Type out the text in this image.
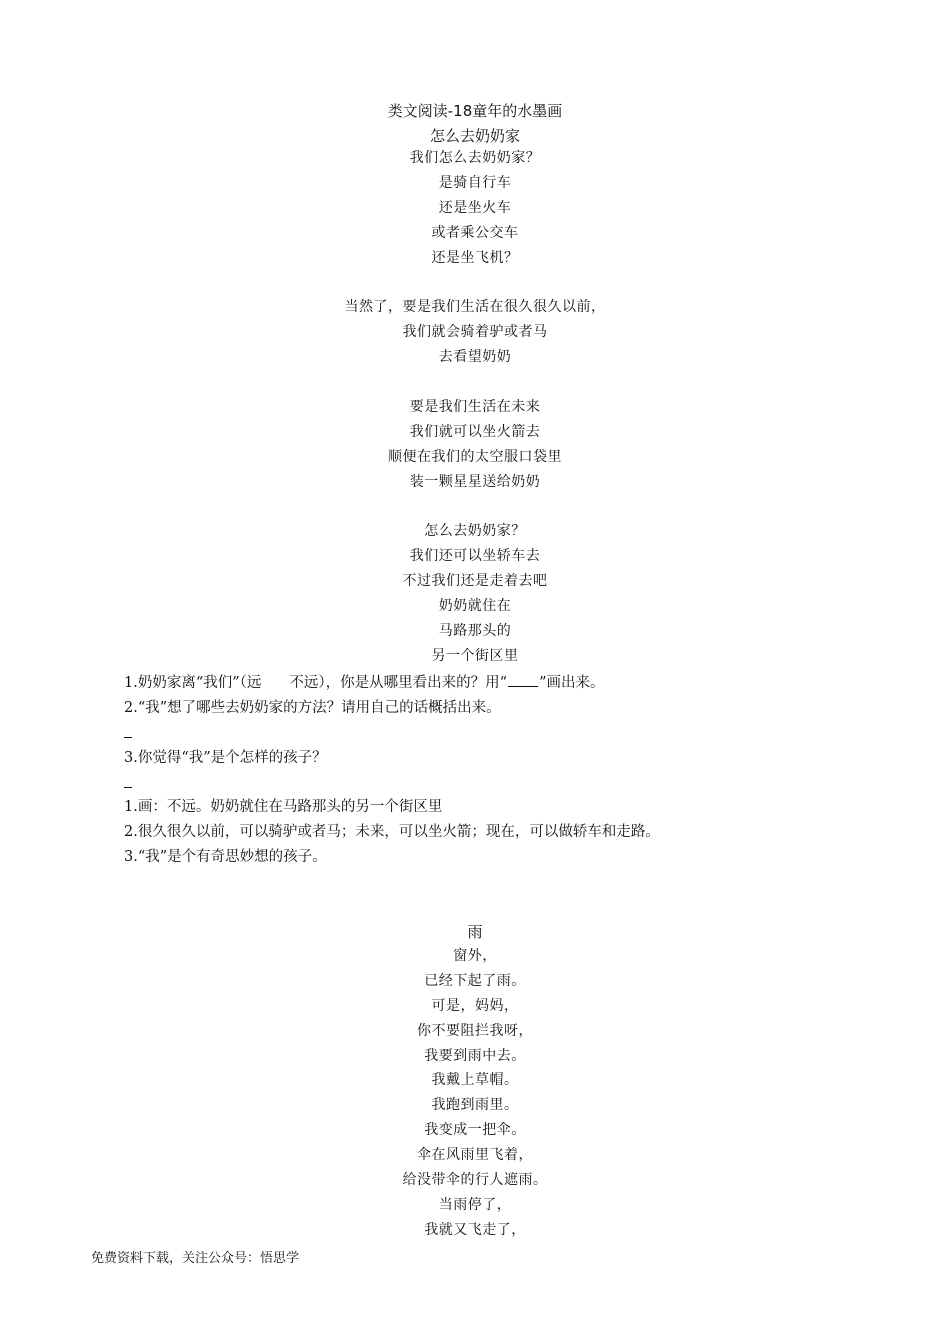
类文阅读-18童年的水墨画
怎么去奶奶家
我们怎么去奶奶家？
是骑自行车
还是坐火车
或者乘公交车
还是坐飞机？
当然了，要是我们生活在很久很久以前，
我们就会骑着驴或者马
去看望奶奶
要是我们生活在未来
我们就可以坐火箭去
顺便在我们的太空服口袋里
装一颗星星送给奶奶
怎么去奶奶家？
我们还可以坐轿车去
不过我们还是走着去吧
奶奶就住在
马路那头的
另一个街区里
1.奶奶家离“我们”（远 不远），你是从哪里看出来的？用“ ”画出来。
2.“我”想了哪些去奶奶家的方法？请用自己的话概括出来。
3.你觉得“我”是个怎样的孩子？
1.画：不远。奶奶就住在马路那头的另一个街区里
2.很久很久以前，可以骑驴或者马；未来，可以坐火箭；现在，可以做轿车和走路。
3.“我”是个有奇思妙想的孩子。
雨
窗外，
已经下起了雨。
可是，妈妈，
你不要阻拦我呀，
我要到雨中去。
我戴上草帽。
我跑到雨里。
我变成一把伞。
伞在风雨里飞着，
给没带伞的行人遮雨。
当雨停了，
我就又飞走了，
免费资料下载，关注公众号：悟思学
